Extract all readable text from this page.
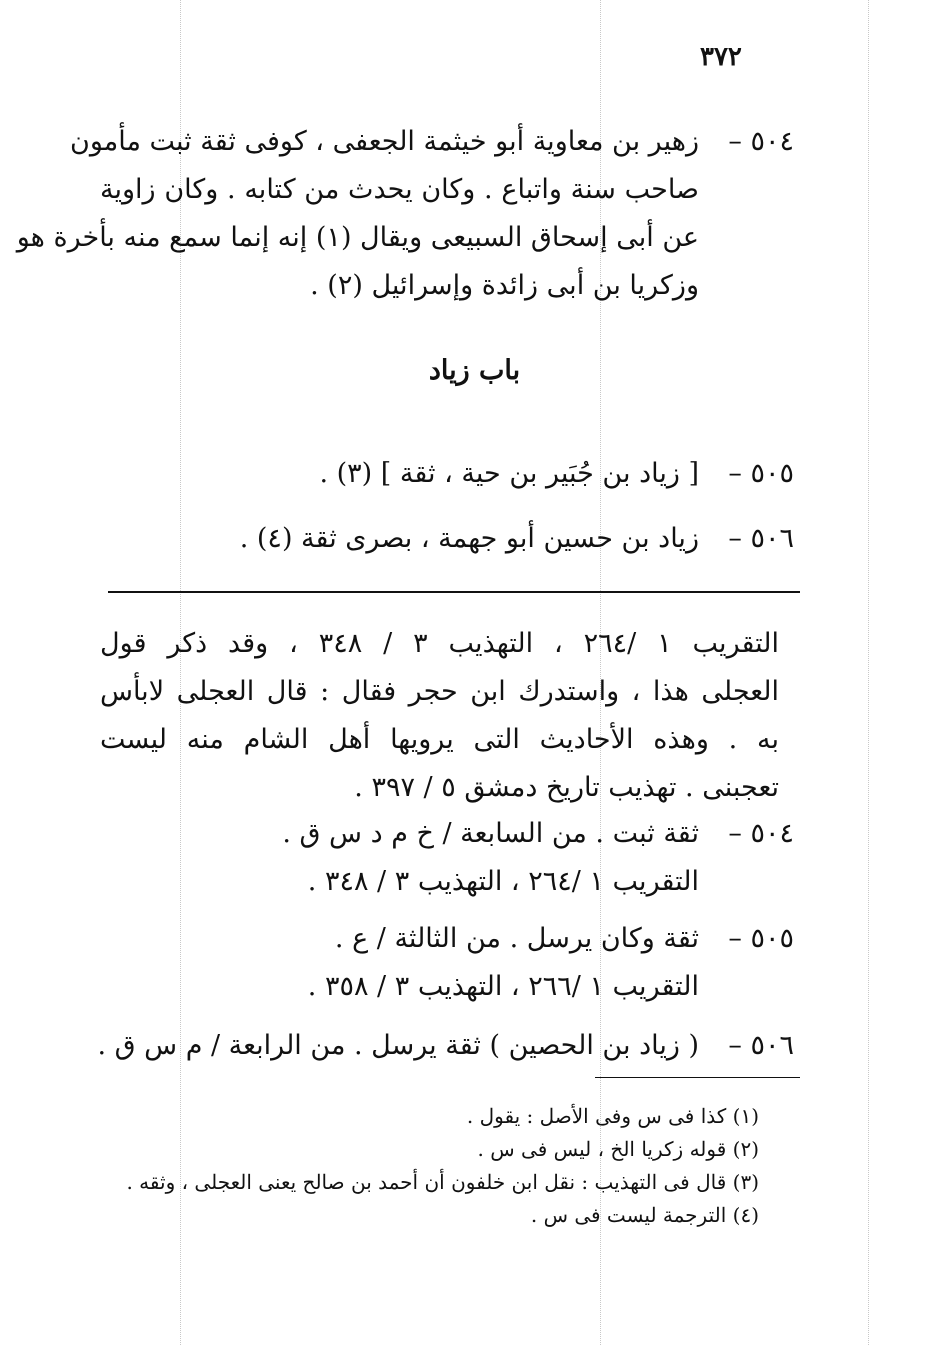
٣٧٢
٥٠٤ –
زهير بن معاوية أبو خيثمة الجعفى ، كوفى ثقة ثبت مأمون
صاحب سنة واتباع . وكان يحدث من كتابه . وكان زاوية
عن أبى إسحاق السبيعى ويقال (١) إنه إنما سمع منه بأخرة هو
وزكريا بن أبى زائدة وإسرائيل (٢) .
باب زياد
٥٠٥ –
[ زياد بن جُبَير بن حية ، ثقة ] (٣) .
٥٠٦ –
زياد بن حسين أبو جهمة ، بصرى ثقة (٤) .
التقريب ١ /٢٦٤ ، التهذيب ٣ / ٣٤٨ ، وقد ذكر قول
العجلى هذا ، واستدرك ابن حجر فقال : قال العجلى لابأس
به . وهذه الأحاديث التى يرويها أهل الشام منه ليست
تعجبنى . تهذيب تاريخ دمشق ٥ / ٣٩٧ .
٥٠٤ –
ثقة ثبت . من السابعة / خ م د س ق .
التقريب ١ /٢٦٤ ، التهذيب ٣ / ٣٤٨ .
٥٠٥ –
ثقة وكان يرسل . من الثالثة / ع .
التقريب ١ /٢٦٦ ، التهذيب ٣ / ٣٥٨ .
٥٠٦ –
( زياد بن الحصين ) ثقة يرسل . من الرابعة / م س ق .
(١) كذا فى س وفى الأصل : يقول .
(٢) قوله زكريا الخ ، ليس فى س .
(٣) قال فى التهذيب : نقل ابن خلفون أن أحمد بن صالح يعنى العجلى ، وثقه .
(٤) الترجمة ليست فى س .
